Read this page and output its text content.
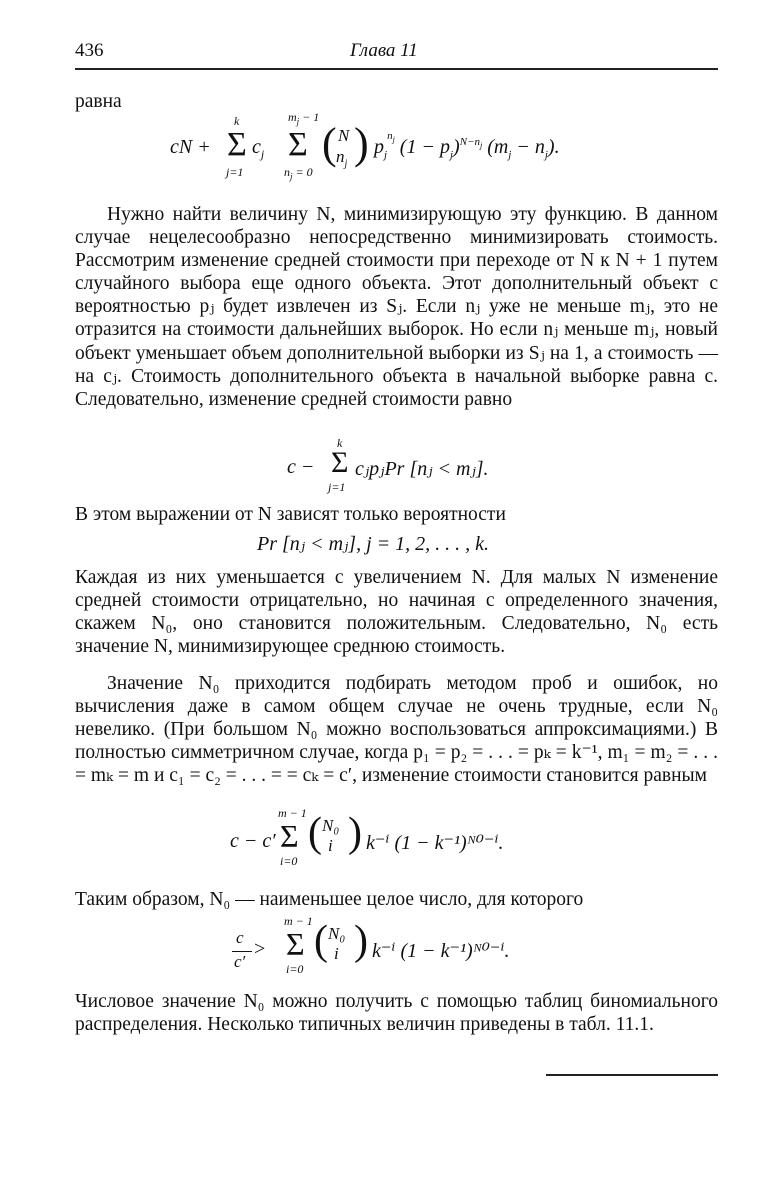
436	Глава 11

равна

cN +
k
Σ
j=1
$c_j$
$m_j - 1$
Σ
$n_j = 0$
( N
$n_j$ ) $p_j^{n_j}$ $(1 - p_j)^{N-n_j}$ $(m_j - n_j)$.

Нужно найти величину N, минимизирующую эту функцию. В данном случае нецелесообразно непосредственно минимизировать стоимость. Рассмотрим изменение средней стоимости при переходе от N к N + 1 путем случайного выбора еще одного объекта. Этот дополнительный объект с вероятностью pⱼ будет извлечен из Sⱼ. Если nⱼ уже не меньше mⱼ, это не отразится на стоимости дальнейших выборок. Но если nⱼ меньше mⱼ, новый объект уменьшает объем дополнительной выборки из Sⱼ на 1, а стоимость — на cⱼ. Стоимость дополнительного объекта в начальной выборке равна c. Следовательно, изменение средней стоимости равно

c −
k
Σ
j=1
cⱼpⱼPr [nⱼ < mⱼ].

В этом выражении от N зависят только вероятности

Pr [nⱼ < mⱼ], j = 1, 2, . . . , k.

Каждая из них уменьшается с увеличением N. Для малых N изменение средней стоимости отрицательно, но начиная с определенного значения, скажем N₀, оно становится положительным. Следовательно, N₀ есть значение N, минимизирующее среднюю стоимость.

Значение N₀ приходится подбирать методом проб и ошибок, но вычисления даже в самом общем случае не очень трудные, если N₀ невелико. (При большом N₀ можно воспользоваться аппроксимациями.) В полностью симметричном случае, когда p₁ = p₂ = . . . = pₖ = k⁻¹, m₁ = m₂ = . . . = mₖ = m и c₁ = c₂ = . . . = = cₖ = c′, изменение стоимости становится равным

c − c′
m − 1
Σ
i=0
( N₀
i ) k⁻ⁱ (1 − k⁻¹)ᴺ⁰⁻ⁱ.

Таким образом, N₀ — наименьшее целое число, для которого

c
c′
>
m − 1
Σ
i=0
( N₀
i ) k⁻ⁱ (1 − k⁻¹)ᴺ⁰⁻ⁱ.

Числовое значение N₀ можно получить с помощью таблиц биномиального распределения. Несколько типичных величин приведены в табл. 11.1.
